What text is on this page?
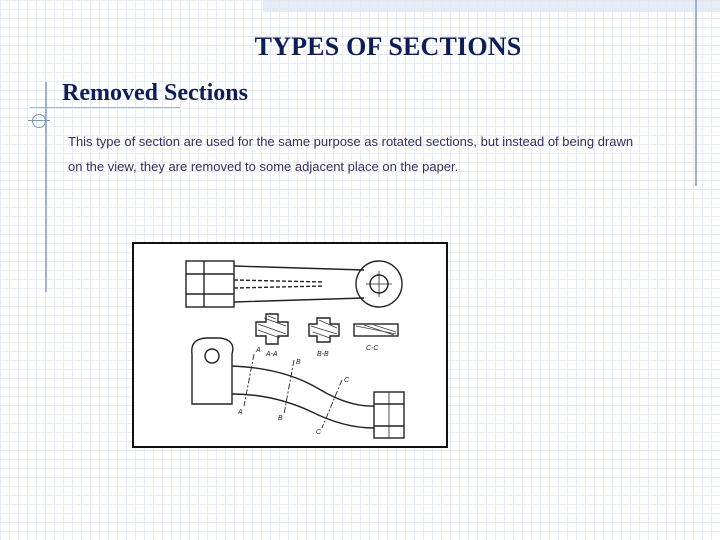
TYPES OF SECTIONS
Removed Sections
This type of section are used for the same purpose as rotated sections, but instead of being drawn
on the view, they are removed to some adjacent place on the paper.
A-A	B-B
C-C
A
A
B
B
C
C
